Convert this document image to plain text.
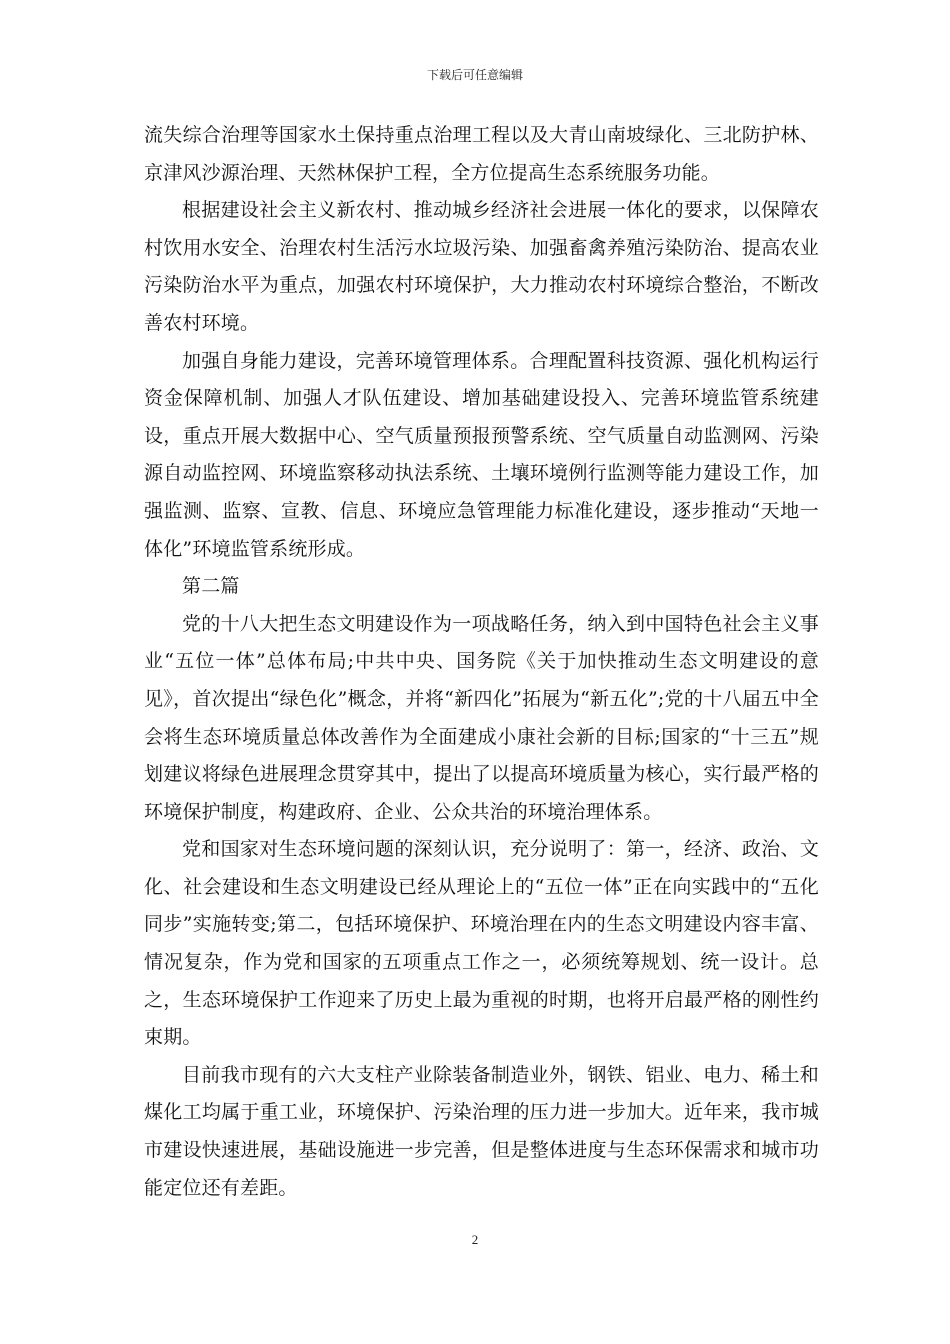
下载后可任意编辑

流失综合治理等国家水土保持重点治理工程以及大青山南坡绿化、三北防护林、京津风沙源治理、天然林保护工程，全方位提高生态系统服务功能。

根据建设社会主义新农村、推动城乡经济社会进展一体化的要求，以保障农村饮用水安全、治理农村生活污水垃圾污染、加强畜禽养殖污染防治、提高农业污染防治水平为重点，加强农村环境保护，大力推动农村环境综合整治，不断改善农村环境。

加强自身能力建设，完善环境管理体系。合理配置科技资源、强化机构运行资金保障机制、加强人才队伍建设、增加基础建设投入、完善环境监管系统建设，重点开展大数据中心、空气质量预报预警系统、空气质量自动监测网、污染源自动监控网、环境监察移动执法系统、土壤环境例行监测等能力建设工作，加强监测、监察、宣教、信息、环境应急管理能力标准化建设，逐步推动“天地一体化”环境监管系统形成。

第二篇

党的十八大把生态文明建设作为一项战略任务，纳入到中国特色社会主义事业“五位一体”总体布局;中共中央、国务院《关于加快推动生态文明建设的意见》，首次提出“绿色化”概念，并将“新四化”拓展为“新五化”;党的十八届五中全会将生态环境质量总体改善作为全面建成小康社会新的目标;国家的“十三五”规划建议将绿色进展理念贯穿其中，提出了以提高环境质量为核心，实行最严格的环境保护制度，构建政府、企业、公众共治的环境治理体系。

党和国家对生态环境问题的深刻认识，充分说明了：第一，经济、政治、文化、社会建设和生态文明建设已经从理论上的“五位一体”正在向实践中的“五化同步”实施转变;第二，包括环境保护、环境治理在内的生态文明建设内容丰富、情况复杂，作为党和国家的五项重点工作之一，必须统筹规划、统一设计。总之，生态环境保护工作迎来了历史上最为重视的时期，也将开启最严格的刚性约束期。

目前我市现有的六大支柱产业除装备制造业外，钢铁、铝业、电力、稀土和煤化工均属于重工业，环境保护、污染治理的压力进一步加大。近年来，我市城市建设快速进展，基础设施进一步完善，但是整体进度与生态环保需求和城市功能定位还有差距。

2
